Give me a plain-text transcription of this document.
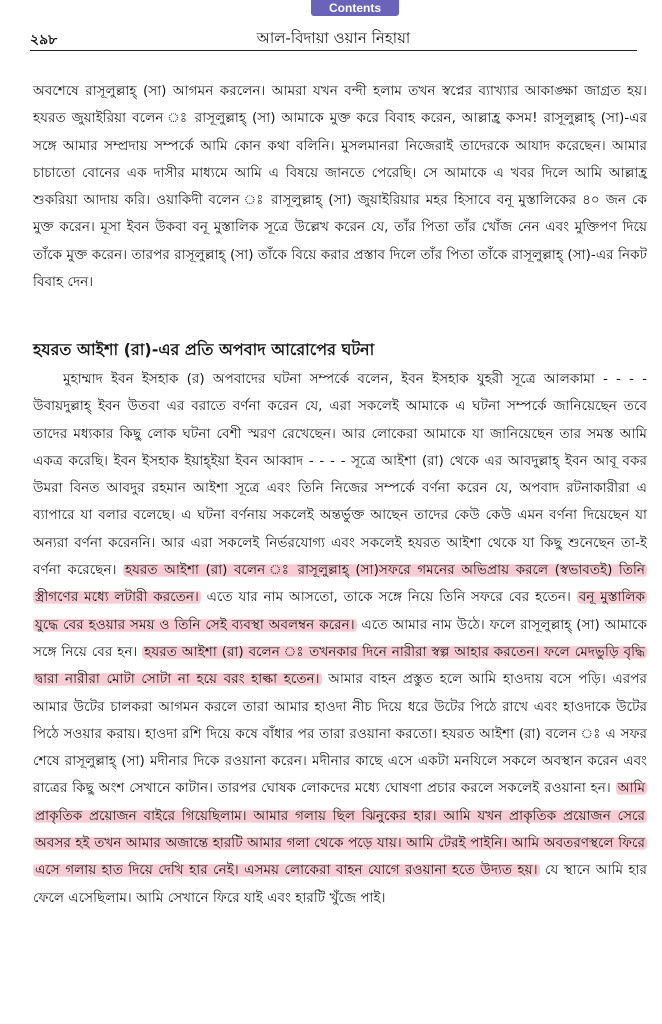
Contents
২৯৮	আল-বিদায়া ওয়ান নিহায়া
অবশেষে রাসূলুল্লাহ্ (সা) আগমন করলেন। আমরা যখন বন্দী হলাম তখন স্বপ্নের ব্যাখ্যার আকাঙ্ক্ষা জাগ্রত হয়। হযরত জুয়াইরিয়া বলেন ঃ রাসূলুল্লাহ্ (সা) আমাকে মুক্ত করে বিবাহ করেন, আল্লাহ্র কসম! রাসূলুল্লাহ্ (সা)-এর সঙ্গে আমার সম্প্রদায় সম্পর্কে আমি কোন কথা বলিনি। মুসলমানরা নিজেরাই তাদেরকে আযাদ করেছেন। আমার চাচাতো বোনের এক দাসীর মাধ্যমে আমি এ বিষয়ে জানতে পেরেছি। সে আমাকে এ খবর দিলে আমি আল্লাহ্র শুকরিয়া আদায় করি। ওয়াকিদী বলেন ঃ রাসূলুল্লাহ্ (সা) জুয়াইরিয়ার মহর হিসাবে বনূ মুস্তালিকের ৪০ জন কে মুক্ত করেন। মূসা ইবন উকবা বনূ মুস্তালিক সূত্রে উল্লেখ করেন যে, তাঁর পিতা তাঁর খোঁজ নেন এবং মুক্তিপণ দিয়ে তাঁকে মুক্ত করেন। তারপর রাসূলুল্লাহ্ (সা) তাঁকে বিয়ে করার প্রস্তাব দিলে তাঁর পিতা তাঁকে রাসূলুল্লাহ্ (সা)-এর নিকট বিবাহ দেন।
হযরত আইশা (রা)-এর প্রতি অপবাদ আরোপের ঘটনা
মুহাম্মাদ ইবন ইসহাক (র) অপবাদের ঘটনা সম্পর্কে বলেন, ইবন ইসহাক যুহরী সূত্রে আলকামা - - - - উবায়দুল্লাহ্ ইবন উতবা এর বরাতে বর্ণনা করেন যে, এরা সকলেই আমাকে এ ঘটনা সম্পর্কে জানিয়েছেন তবে তাদের মধ্যকার কিছু লোক ঘটনা বেশী স্মরণ রেখেছেন। আর লোকেরা আমাকে যা জানিয়েছেন তার সমস্ত আমি একত্র করেছি। ইবন ইসহাক ইয়াহ্ইয়া ইবন আব্বাদ - - - - সূত্রে আইশা (রা) থেকে এর আবদুল্লাহ্ ইবন আবূ বকর উমরা বিনত আবদুর রহমান আইশা সূত্রে এবং তিনি নিজের সম্পর্কে বর্ণনা করেন যে, অপবাদ রটনাকারীরা এ ব্যাপারে যা বলার বলেছে। এ ঘটনা বর্ণনায় সকলেই অন্তর্ভুক্ত আছেন তাদের কেউ কেউ এমন বর্ণনা দিয়েছেন যা অন্যরা বর্ণনা করেননি। আর এরা সকলেই নির্ভরযোগ্য এবং সকলেই হযরত আইশা থেকে যা কিছু শুনেছেন তা-ই বর্ণনা করেছেন। হযরত আইশা (রা) বলেন ঃ রাসূলুল্লাহ্ (সা)সফরে গমনের অভিপ্রায় করলে (স্বভাবতই) তিনি স্ত্রীগণের মধ্যে লটারী করতেন। এতে যার নাম আসতো, তাকে সঙ্গে নিয়ে তিনি সফরে বের হতেন। বনূ মুস্তালিক যুদ্ধে বের হওয়ার সময় ও তিনি সেই ব্যবস্থা অবলম্বন করেন। এতে আমার নাম উঠে। ফলে রাসূলুল্লাহ্ (সা) আমাকে সঙ্গে নিয়ে বের হন। হযরত আইশা (রা) বলেন ঃ তখনকার দিনে নারীরা স্বল্প আহার করতেন। ফলে মেদভুড়ি বৃদ্ধি দ্বারা নারীরা মোটা সোটা না হয়ে বরং হাল্কা হতেন। আমার বাহন প্রস্তুত হলে আমি হাওদায় বসে পড়ি। এরপর আমার উটের চালকরা আগমন করলে তারা আমার হাওদা নীচ দিয়ে ধরে উটের পিঠে রাখে এবং হাওদাকে উটের পিঠে সওয়ার করায়। হাওদা রশি দিয়ে কষে বাঁধার পর তারা রওয়ানা করতো। হযরত আইশা (রা) বলেন ঃ এ সফর শেষে রাসূলুল্লাহ্ (সা) মদীনার দিকে রওয়ানা করেন। মদীনার কাছে এসে একটা মনযিলে সকলে অবস্থান করেন এবং রাত্রের কিছু অংশ সেখানে কাটান। তারপর ঘোষক লোকদের মধ্যে ঘোষণা প্রচার করলে সকলেই রওয়ানা হন। আমি প্রাকৃতিক প্রয়োজন বাইরে গিয়েছিলাম। আমার গলায় ছিল ঝিনুকের হার। আমি যখন প্রাকৃতিক প্রয়োজন সেরে অবসর হই তখন আমার অজান্তে হারটি আমার গলা থেকে পড়ে যায়। আমি টেরই পাইনি। আমি অবতরণস্থলে ফিরে এসে গলায় হাত দিয়ে দেখি হার নেই। এসময় লোকেরা বাহন যোগে রওয়ানা হতে উদ্যত হয়। যে স্থানে আমি হার ফেলে এসেছিলাম। আমি সেখানে ফিরে যাই এবং হারটি খুঁজে পাই।
